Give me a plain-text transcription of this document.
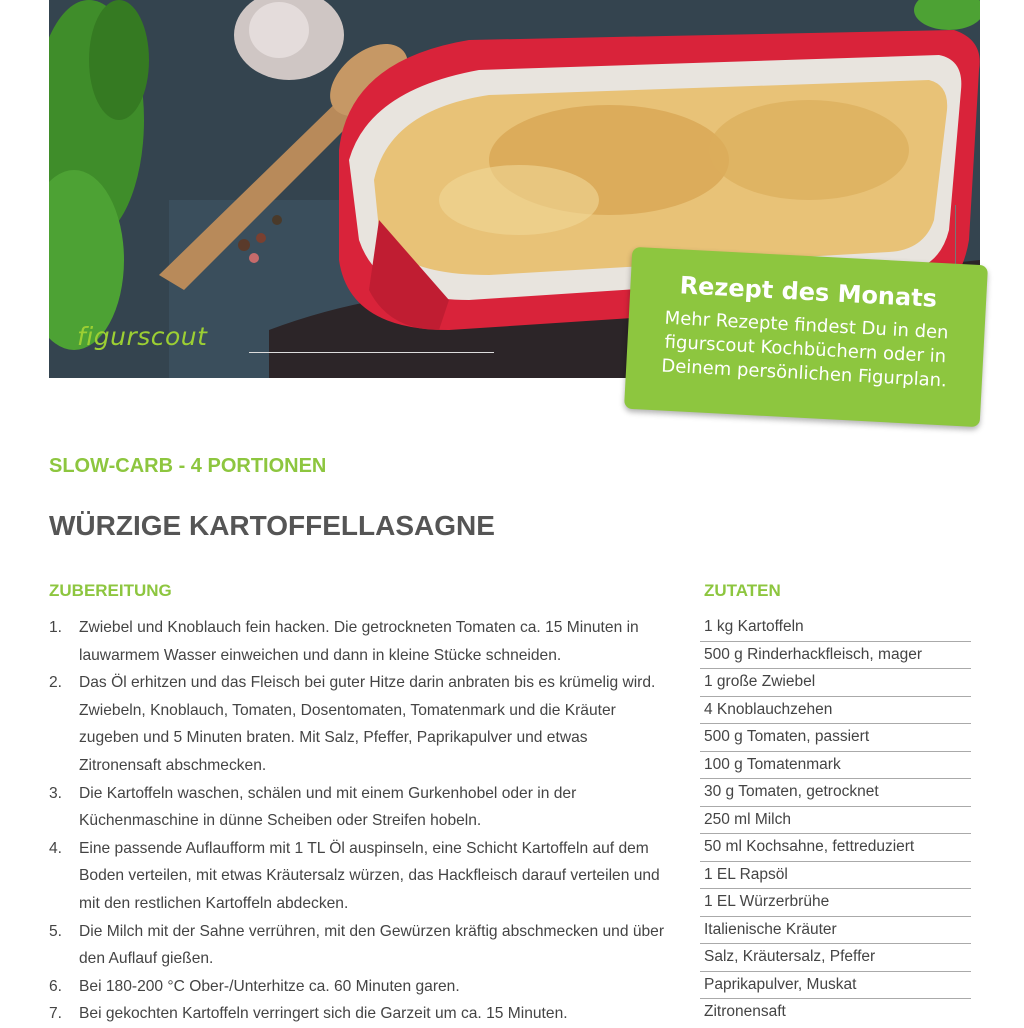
figurscout
Rezept des Monats
Mehr Rezepte findest Du in den figurscout Kochbüchern oder in Deinem persönlichen Figurplan.
SLOW-CARB - 4 PORTIONEN
WÜRZIGE KARTOFFELLASAGNE
ZUBEREITUNG	ZUTATEN
1. Zwiebel und Knoblauch fein hacken. Die getrockneten Tomaten ca. 15 Minuten in lauwarmem Wasser einweichen und dann in kleine Stücke schneiden.
2. Das Öl erhitzen und das Fleisch bei guter Hitze darin anbraten bis es krümelig wird. Zwiebeln, Knoblauch, Tomaten, Dosentomaten, Tomatenmark und die Kräuter zugeben und 5 Minuten braten. Mit Salz, Pfeffer, Paprikapulver und etwas Zitronensaft abschmecken.
3. Die Kartoffeln waschen, schälen und mit einem Gurkenhobel oder in der Küchenmaschine in dünne Scheiben oder Streifen hobeln.
4. Eine passende Auflaufform mit 1 TL Öl auspinseln, eine Schicht Kartoffeln auf dem Boden verteilen, mit etwas Kräutersalz würzen, das Hackfleisch darauf verteilen und mit den restlichen Kartoffeln abdecken.
5. Die Milch mit der Sahne verrühren, mit den Gewürzen kräftig abschmecken und über den Auflauf gießen.
6. Bei 180-200 °C Ober-/Unterhitze ca. 60 Minuten garen.
7. Bei gekochten Kartoffeln verringert sich die Garzeit um ca. 15 Minuten.
1 kg Kartoffeln
500 g Rinderhackfleisch, mager
1 große Zwiebel
4 Knoblauchzehen
500 g Tomaten, passiert
100 g Tomatenmark
30 g Tomaten, getrocknet
250 ml Milch
50 ml Kochsahne, fettreduziert
1 EL Rapsöl
1 EL Würzerbrühe
Italienische Kräuter
Salz, Kräutersalz, Pfeffer
Paprikapulver, Muskat
Zitronensaft
